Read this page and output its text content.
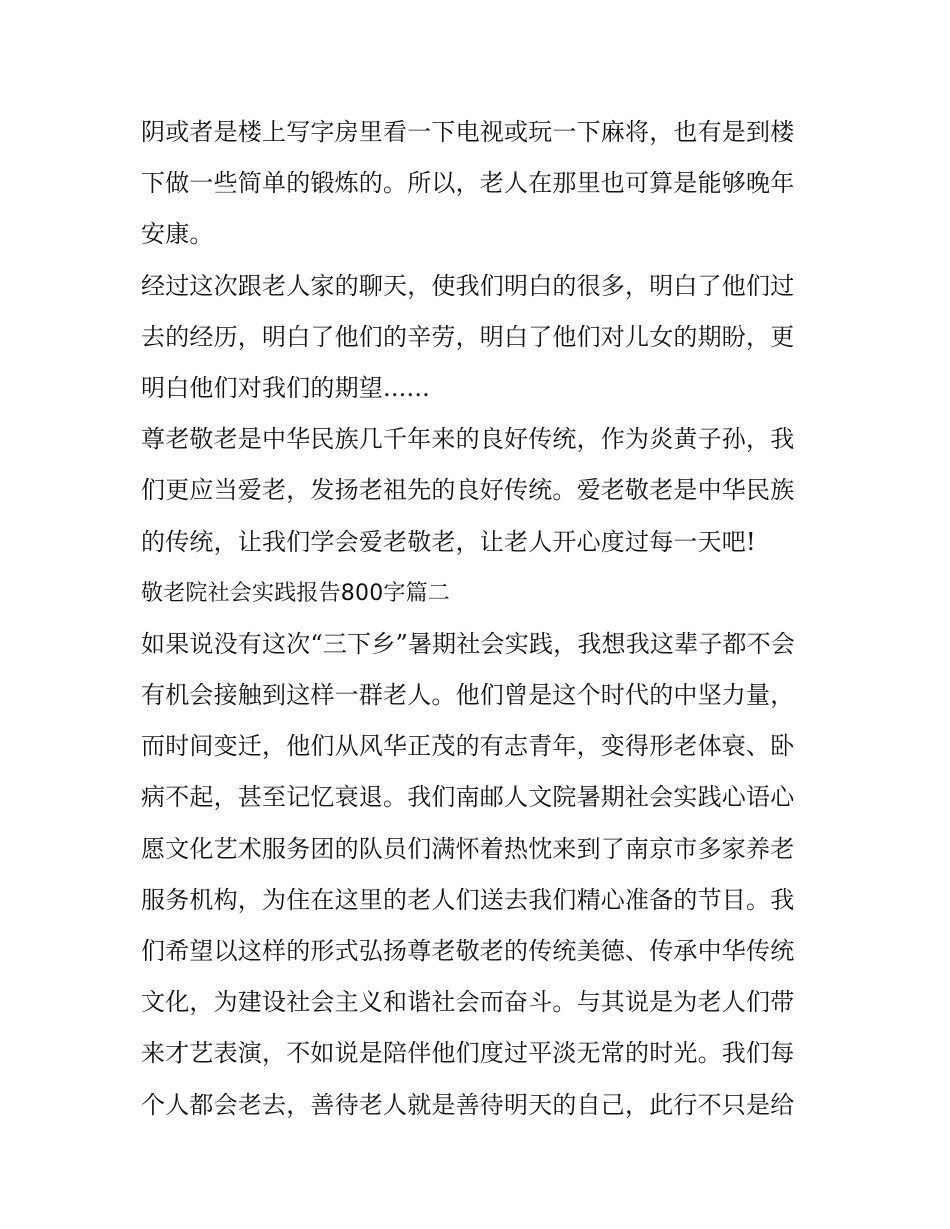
阴或者是楼上写字房里看一下电视或玩一下麻将，也有是到楼
下做一些简单的锻炼的。所以，老人在那里也可算是能够晚年
安康。
经过这次跟老人家的聊天，使我们明白的很多，明白了他们过
去的经历，明白了他们的辛劳，明白了他们对儿女的期盼，更
明白他们对我们的期望......
尊老敬老是中华民族几千年来的良好传统，作为炎黄子孙，我
们更应当爱老，发扬老祖先的良好传统。爱老敬老是中华民族
的传统，让我们学会爱老敬老，让老人开心度过每一天吧!
敬老院社会实践报告800字篇二
如果说没有这次“三下乡”暑期社会实践，我想我这辈子都不会
有机会接触到这样一群老人。他们曾是这个时代的中坚力量，
而时间变迁，他们从风华正茂的有志青年，变得形老体衰、卧
病不起，甚至记忆衰退。我们南邮人文院暑期社会实践心语心
愿文化艺术服务团的队员们满怀着热忱来到了南京市多家养老
服务机构，为住在这里的老人们送去我们精心准备的节目。我
们希望以这样的形式弘扬尊老敬老的传统美德、传承中华传统
文化，为建设社会主义和谐社会而奋斗。与其说是为老人们带
来才艺表演，不如说是陪伴他们度过平淡无常的时光。我们每
个人都会老去，善待老人就是善待明天的自己，此行不只是给
